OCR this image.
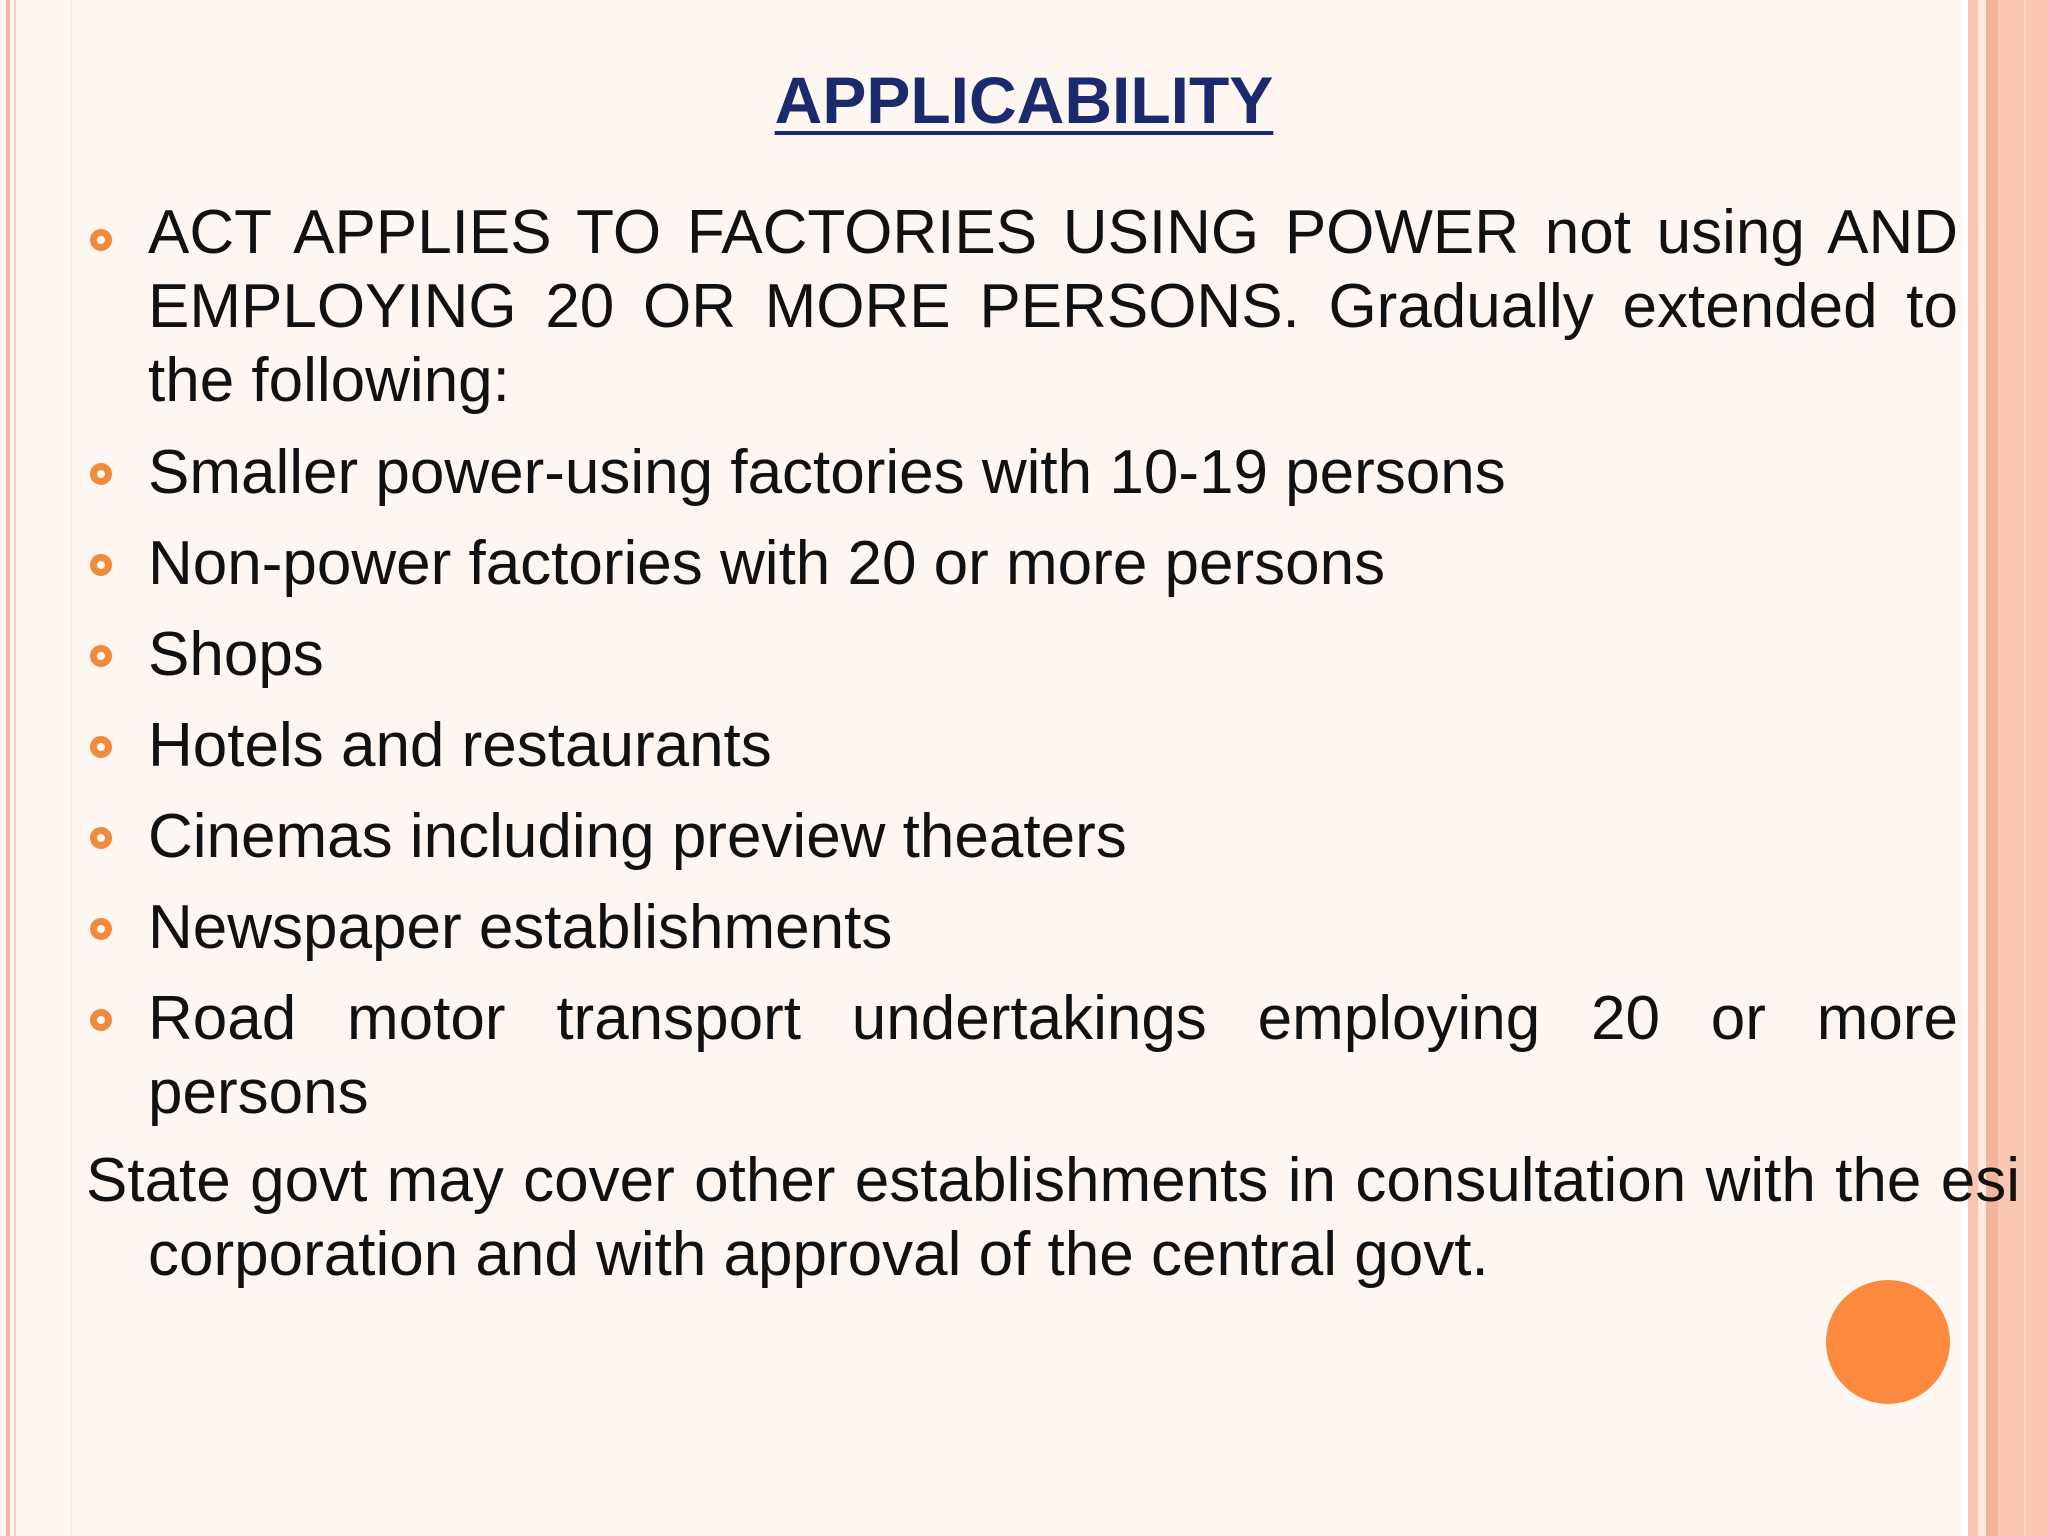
APPLICABILITY
ACT APPLIES TO FACTORIES USING POWER not using AND EMPLOYING 20 OR MORE PERSONS. Gradually extended to the following:
Smaller power-using factories with 10-19 persons
Non-power factories with 20 or more persons
Shops
Hotels and restaurants
Cinemas including preview theaters
Newspaper establishments
Road motor transport undertakings employing 20 or more persons
State govt may cover other establishments in consultation with the esi corporation and with approval of the central govt.
